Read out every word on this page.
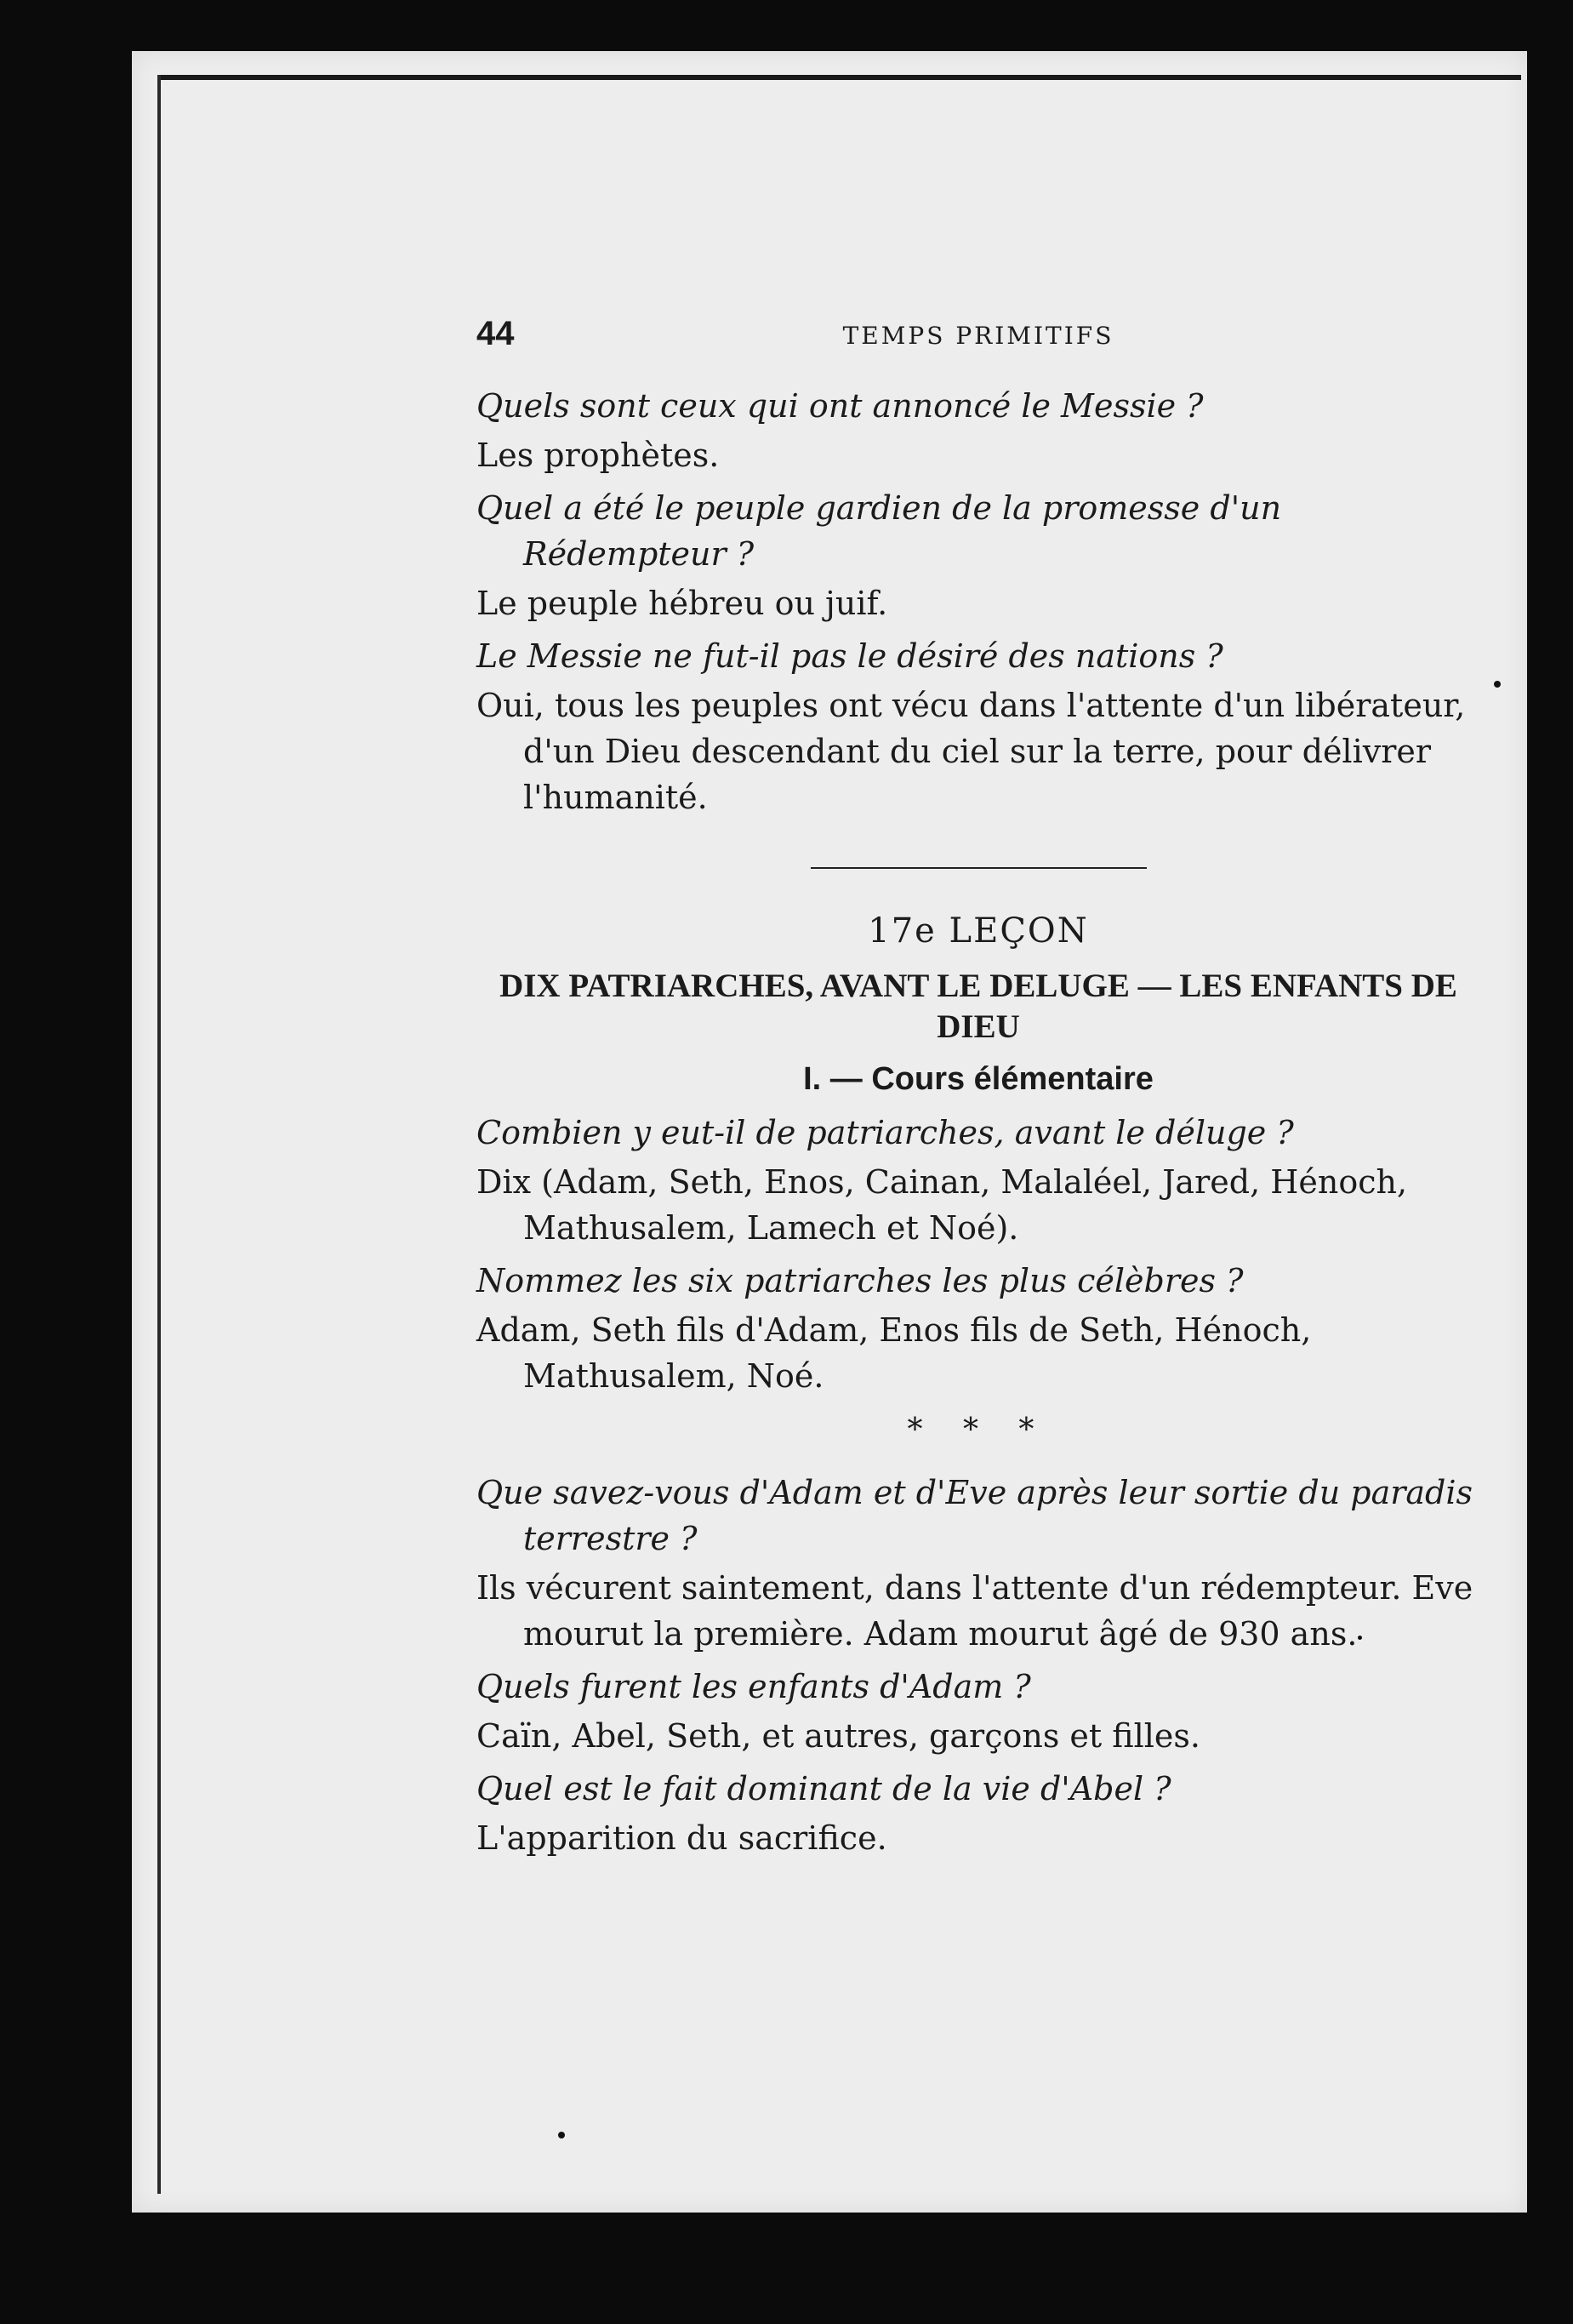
44	TEMPS PRIMITIFS

Quels sont ceux qui ont annoncé le Messie ?

Les prophètes.

Quel a été le peuple gardien de la promesse d'un Rédempteur ?

Le peuple hébreu ou juif.

Le Messie ne fut-il pas le désiré des nations ?

Oui, tous les peuples ont vécu dans l'attente d'un libérateur, d'un Dieu descendant du ciel sur la terre, pour délivrer l'humanité.

17e LEÇON
DIX PATRIARCHES, AVANT LE DELUGE — LES ENFANTS DE DIEU
I. — Cours élémentaire

Combien y eut-il de patriarches, avant le déluge ?

Dix (Adam, Seth, Enos, Cainan, Malaléel, Jared, Hénoch, Mathusalem, Lamech et Noé).

Nommez les six patriarches les plus célèbres ?

Adam, Seth fils d'Adam, Enos fils de Seth, Hénoch, Mathusalem, Noé.

* * *

Que savez-vous d'Adam et d'Eve après leur sortie du paradis terrestre ?

Ils vécurent saintement, dans l'attente d'un rédempteur. Eve mourut la première. Adam mourut âgé de 930 ans.

Quels furent les enfants d'Adam ?

Caïn, Abel, Seth, et autres, garçons et filles.

Quel est le fait dominant de la vie d'Abel ?

L'apparition du sacrifice.
